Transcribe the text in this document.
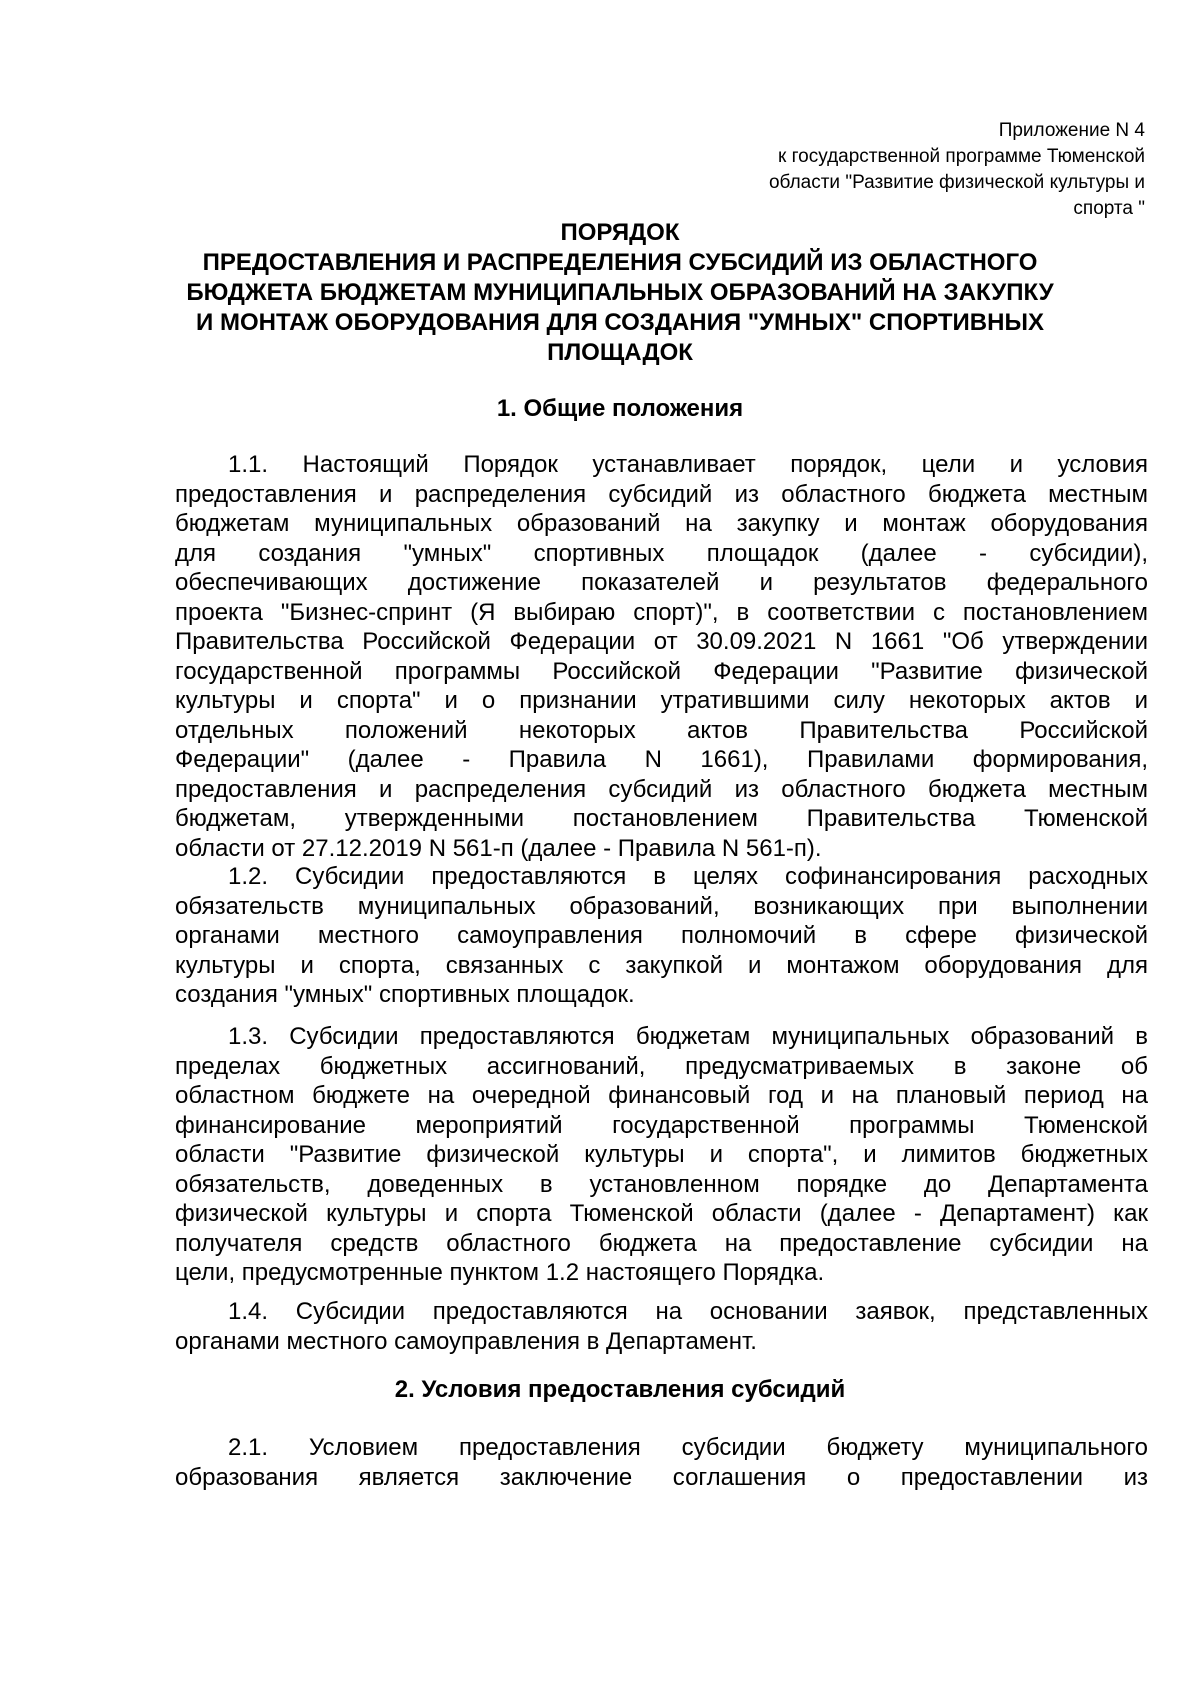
Приложение N 4
к государственной программе Тюменской
области "Развитие физической культуры и
спорта "
ПОРЯДОК
ПРЕДОСТАВЛЕНИЯ И РАСПРЕДЕЛЕНИЯ СУБСИДИЙ ИЗ ОБЛАСТНОГО
БЮДЖЕТА БЮДЖЕТАМ МУНИЦИПАЛЬНЫХ ОБРАЗОВАНИЙ НА ЗАКУПКУ
И МОНТАЖ ОБОРУДОВАНИЯ ДЛЯ СОЗДАНИЯ "УМНЫХ" СПОРТИВНЫХ
ПЛОЩАДОК
1. Общие положения
1.1. Настоящий Порядок устанавливает порядок, цели и условия
предоставления и распределения субсидий из областного бюджета местным
бюджетам муниципальных образований на закупку и монтаж оборудования
для создания "умных" спортивных площадок (далее - субсидии),
обеспечивающих достижение показателей и результатов федерального
проекта "Бизнес-спринт (Я выбираю спорт)", в соответствии с постановлением
Правительства Российской Федерации от 30.09.2021 N 1661 "Об утверждении
государственной программы Российской Федерации "Развитие физической
культуры и спорта" и о признании утратившими силу некоторых актов и
отдельных положений некоторых актов Правительства Российской
Федерации" (далее - Правила N 1661), Правилами формирования,
предоставления и распределения субсидий из областного бюджета местным
бюджетам, утвержденными постановлением Правительства Тюменской
области от 27.12.2019 N 561-п (далее - Правила N 561-п).
1.2. Субсидии предоставляются в целях софинансирования расходных
обязательств муниципальных образований, возникающих при выполнении
органами местного самоуправления полномочий в сфере физической
культуры и спорта, связанных с закупкой и монтажом оборудования для
создания "умных" спортивных площадок.
1.3. Субсидии предоставляются бюджетам муниципальных образований в
пределах бюджетных ассигнований, предусматриваемых в законе об
областном бюджете на очередной финансовый год и на плановый период на
финансирование мероприятий государственной программы Тюменской
области "Развитие физической культуры и спорта", и лимитов бюджетных
обязательств, доведенных в установленном порядке до Департамента
физической культуры и спорта Тюменской области (далее - Департамент) как
получателя средств областного бюджета на предоставление субсидии на
цели, предусмотренные пунктом 1.2 настоящего Порядка.
1.4. Субсидии предоставляются на основании заявок, представленных
органами местного самоуправления в Департамент.
2. Условия предоставления субсидий
2.1. Условием предоставления субсидии бюджету муниципального
образования является заключение соглашения о предоставлении из
